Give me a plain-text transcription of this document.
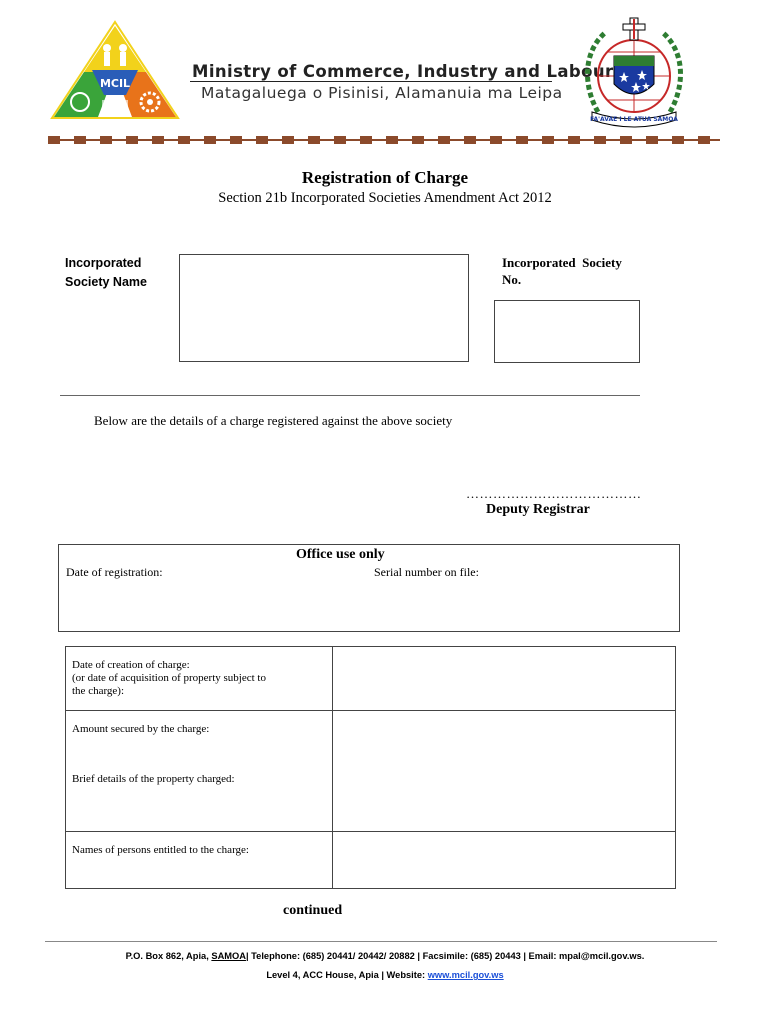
MCIL
Ministry of Commerce, Industry and Labour
Matagaluega o Pisinisi, Alamanuia ma Leipa
FA'AVAE I LE ATUA SAMOA
Registration of Charge
Section 21b Incorporated Societies Amendment Act 2012
Incorporated
Society Name
Incorporated  Society
No.
Below are the details of a charge registered against the above society
…………………………………
Deputy Registrar
Office use only
Date of registration:	Serial number on file:
Date of creation of charge:
(or date of acquisition of property subject to
the charge):	

Amount secured by the charge:
Brief details of the property charged:	

Names of persons entitled to the charge:	

continued
P.O. Box 862, Apia, SAMOA| Telephone: (685) 20441/ 20442/ 20882 | Facsimile: (685) 20443 | Email: mpal@mcil.gov.ws.
Level 4, ACC House, Apia | Website: www.mcil.gov.ws
